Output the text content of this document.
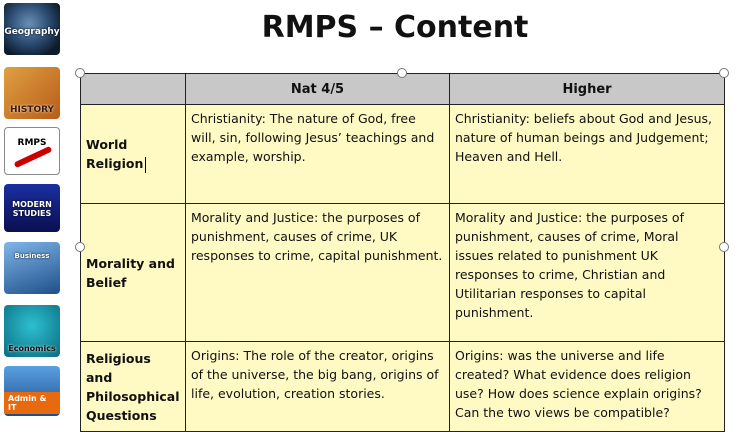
Geography
HISTORY
RMPS
MODERN STUDIES
Business
Economics
Admin & IT
RMPS – Content
	Nat 4/5	Higher
World Religion	Christianity: The nature of God, free will, sin, following Jesus’ teachings and example, worship.	Christianity: beliefs about God and Jesus, nature of human beings and Judgement; Heaven and Hell.
Morality and Belief	Morality and Justice: the purposes of punishment, causes of crime, UK responses to crime, capital punishment.	Morality and Justice: the purposes of punishment, causes of crime, Moral issues related to punishment UK responses to crime, Christian and Utilitarian responses to capital punishment.
Religious and Philosophical Questions	Origins: The role of the creator, origins of the universe, the big bang, origins of life, evolution, creation stories.	Origins: was the universe and life created? What evidence does religion use? How does science explain origins? Can the two views be compatible?
